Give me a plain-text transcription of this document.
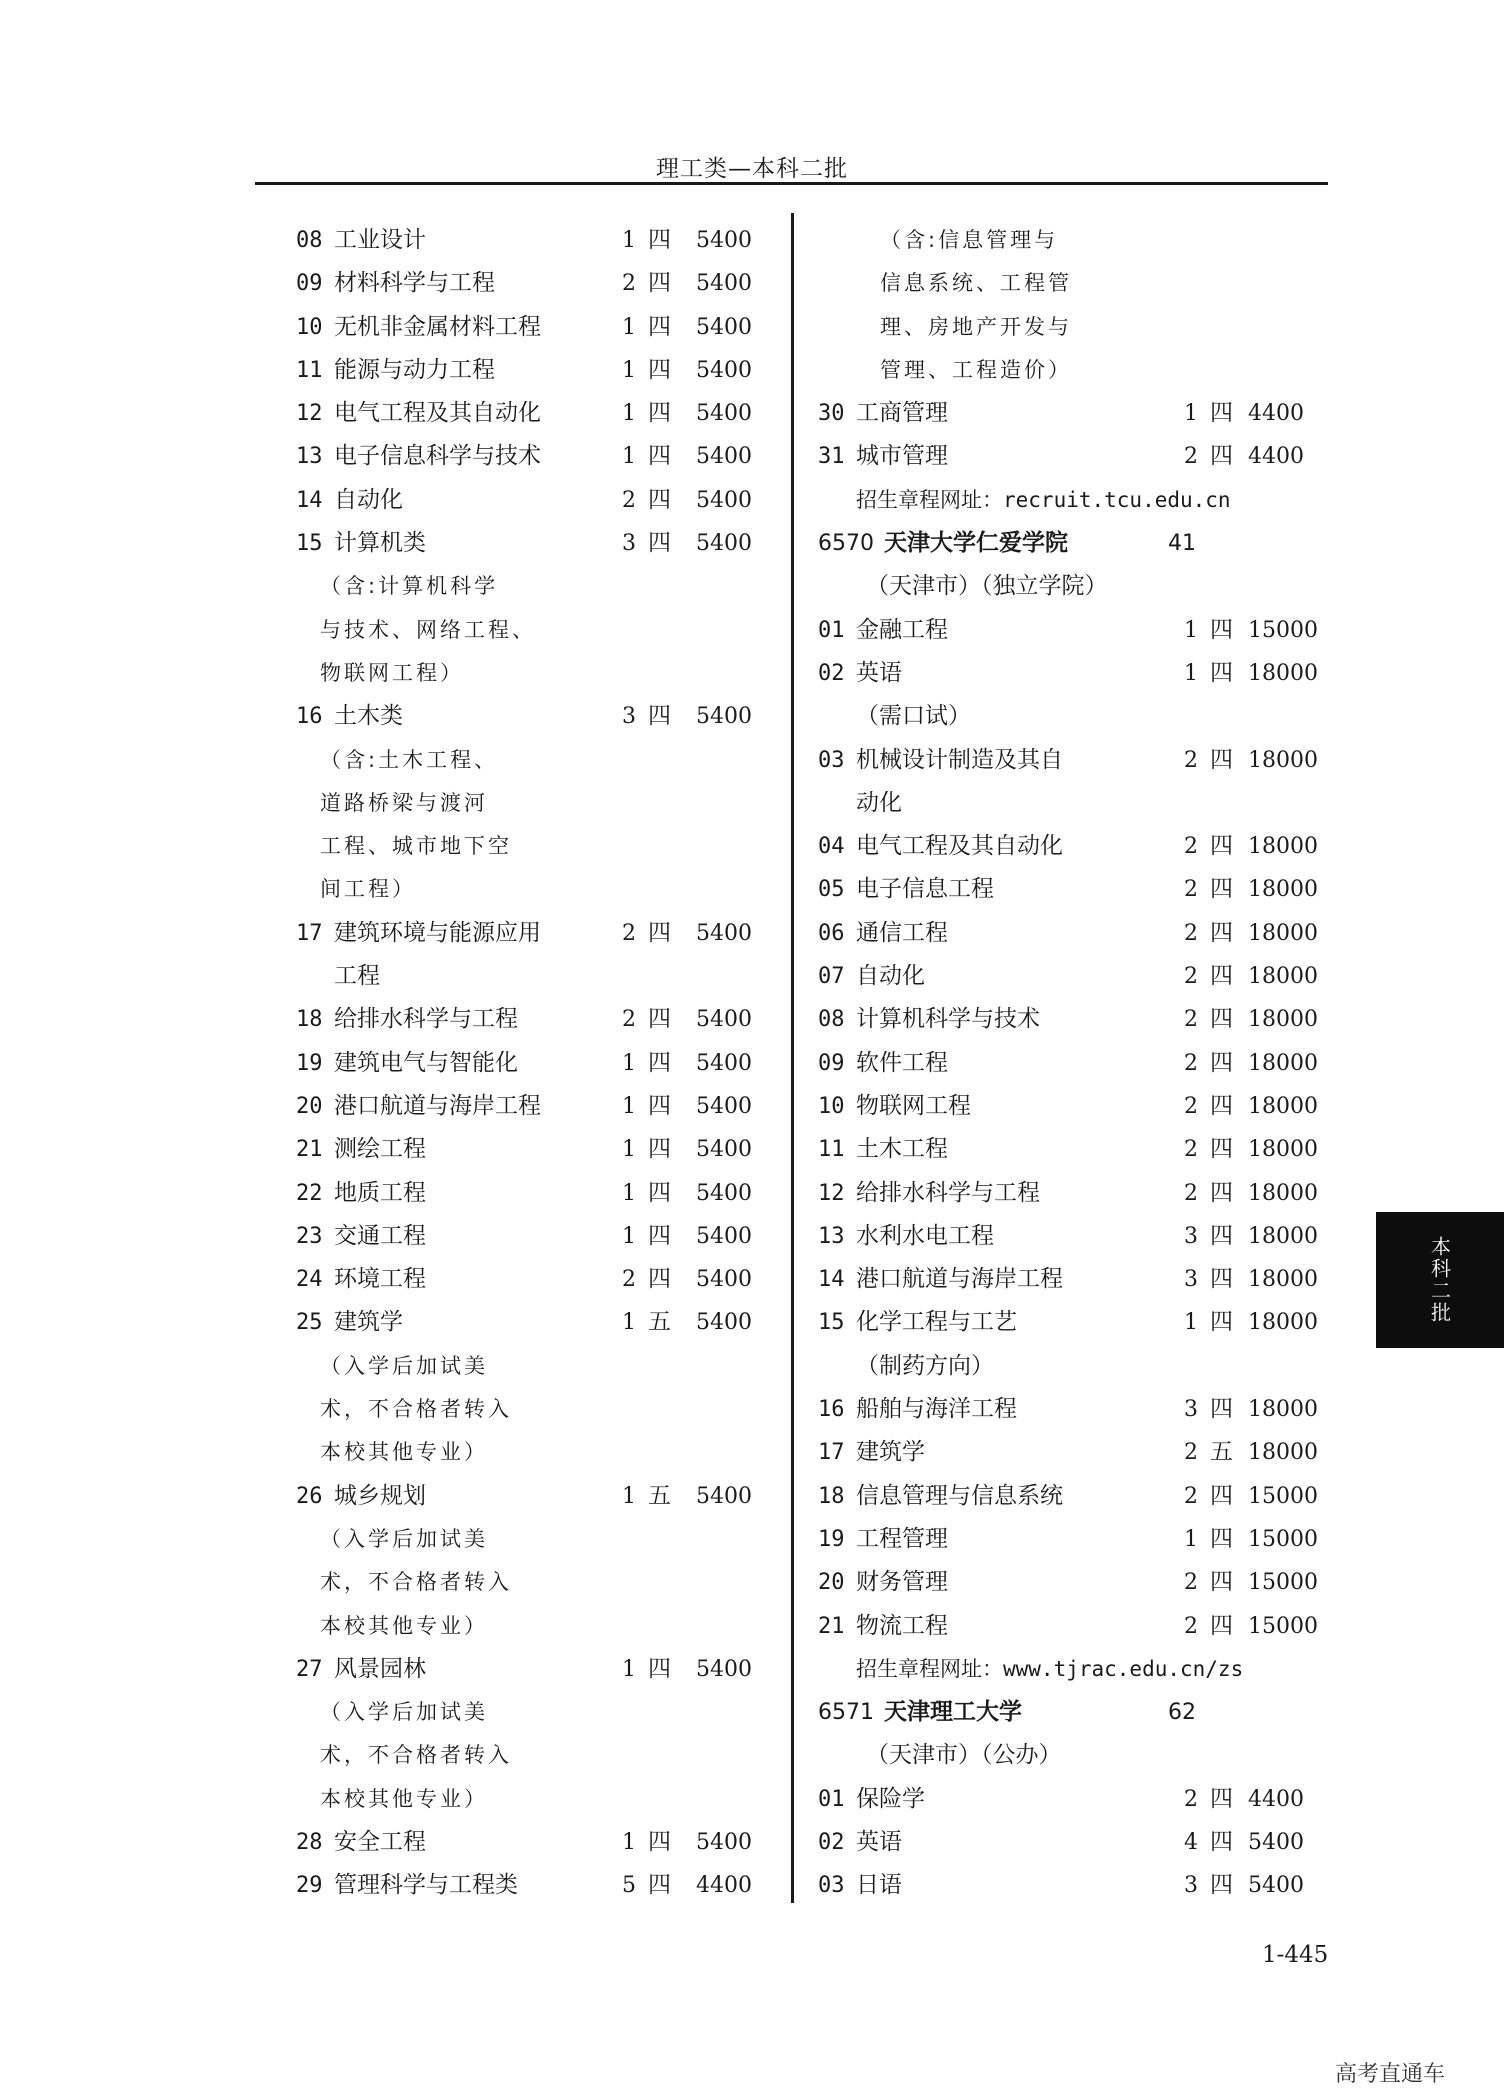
理工类—本科二批
08 工业设计	1 四 5400
09 材料科学与工程	2 四 5400
10 无机非金属材料工程	1 四 5400
11 能源与动力工程	1 四 5400
12 电气工程及其自动化	1 四 5400
13 电子信息科学与技术	1 四 5400
14 自动化	2 四 5400
15 计算机类	3 四 5400
（含:计算机科学
与技术、网络工程、
物联网工程）
16 土木类	3 四 5400
（含:土木工程、
道路桥梁与渡河
工程、城市地下空
间工程）
17 建筑环境与能源应用	2 四 5400
工程
18 给排水科学与工程	2 四 5400
19 建筑电气与智能化	1 四 5400
20 港口航道与海岸工程	1 四 5400
21 测绘工程	1 四 5400
22 地质工程	1 四 5400
23 交通工程	1 四 5400
24 环境工程	2 四 5400
25 建筑学	1 五 5400
（入学后加试美
术，不合格者转入
本校其他专业）
26 城乡规划	1 五 5400
（入学后加试美
术，不合格者转入
本校其他专业）
27 风景园林	1 四 5400
（入学后加试美
术，不合格者转入
本校其他专业）
28 安全工程	1 四 5400
29 管理科学与工程类	5 四 4400
（含:信息管理与
信息系统、工程管
理、房地产开发与
管理、工程造价）
30 工商管理	1 四 4400
31 城市管理	2 四 4400
招生章程网址：recruit.tcu.edu.cn
6570 天津大学仁爱学院	41
（天津市）（独立学院）
01 金融工程	1 四 15000
02 英语	1 四 18000
（需口试）
03 机械设计制造及其自	2 四 18000
动化
04 电气工程及其自动化	2 四 18000
05 电子信息工程	2 四 18000
06 通信工程	2 四 18000
07 自动化	2 四 18000
08 计算机科学与技术	2 四 18000
09 软件工程	2 四 18000
10 物联网工程	2 四 18000
11 土木工程	2 四 18000
12 给排水科学与工程	2 四 18000
13 水利水电工程	3 四 18000
14 港口航道与海岸工程	3 四 18000
15 化学工程与工艺	1 四 18000
（制药方向）
16 船舶与海洋工程	3 四 18000
17 建筑学	2 五 18000
18 信息管理与信息系统	2 四 15000
19 工程管理	1 四 15000
20 财务管理	2 四 15000
21 物流工程	2 四 15000
招生章程网址：www.tjrac.edu.cn/zs
6571 天津理工大学	62
（天津市）（公办）
01 保险学	2 四 4400
02 英语	4 四 5400
03 日语	3 四 5400
本科二批
1-445
高考直通车
